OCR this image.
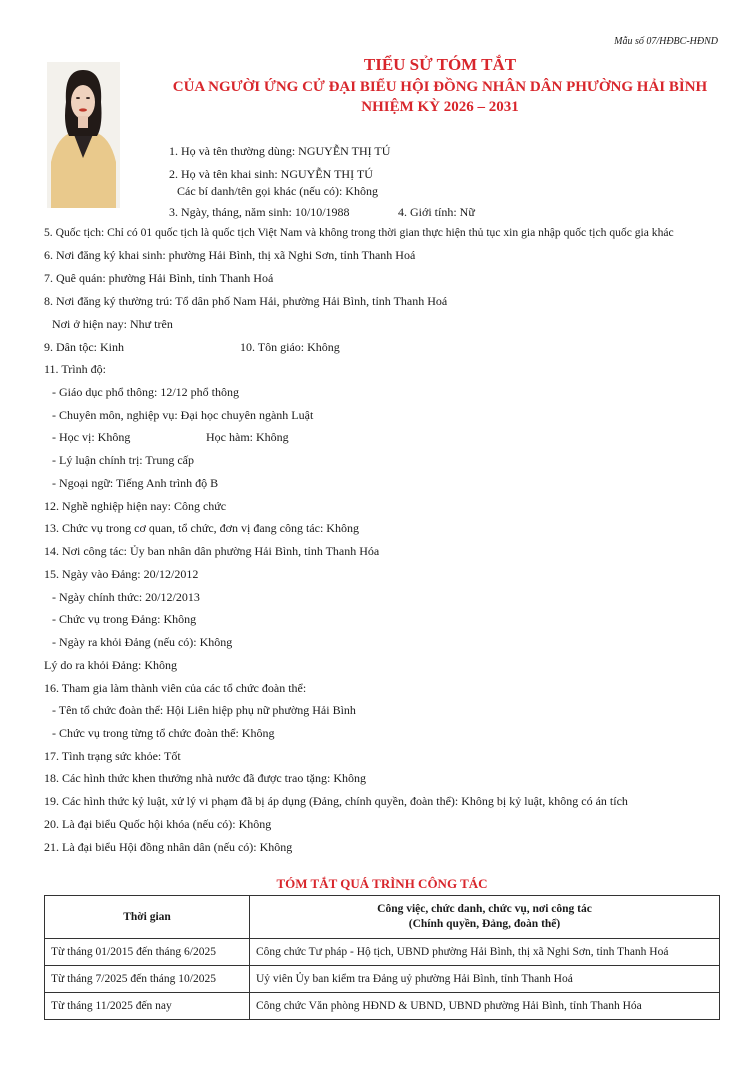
Mẫu số 07/HĐBC-HĐND
TIỂU SỬ TÓM TẮT
CỦA NGƯỜI ỨNG CỬ ĐẠI BIỂU HỘI ĐỒNG NHÂN DÂN PHƯỜNG HẢI BÌNH
NHIỆM KỲ 2026 – 2031
1. Họ và tên thường dùng: NGUYỄN THỊ TÚ
2. Họ và tên khai sinh: NGUYỄN THỊ TÚ
Các bí danh/tên gọi khác (nếu có): Không
3. Ngày, tháng, năm sinh: 10/10/1988	4. Giới tính: Nữ
5. Quốc tịch: Chỉ có 01 quốc tịch là quốc tịch Việt Nam và không trong thời gian thực hiện thủ tục xin gia nhập quốc tịch quốc gia khác
6. Nơi đăng ký khai sinh: phường Hải Bình, thị xã Nghi Sơn, tỉnh Thanh Hoá
7. Quê quán: phường Hải Bình, tỉnh Thanh Hoá
8. Nơi đăng ký thường trú: Tổ dân phố Nam Hải, phường Hải Bình, tỉnh Thanh Hoá
Nơi ở hiện nay: Như trên
9. Dân tộc: Kinh	10. Tôn giáo: Không
11. Trình độ:
- Giáo dục phổ thông: 12/12 phổ thông
- Chuyên môn, nghiệp vụ: Đại học chuyên ngành Luật
- Học vị: Không	Học hàm: Không
- Lý luận chính trị: Trung cấp
- Ngoại ngữ: Tiếng Anh trình độ B
12. Nghề nghiệp hiện nay: Công chức
13. Chức vụ trong cơ quan, tổ chức, đơn vị đang công tác: Không
14. Nơi công tác: Ủy ban nhân dân phường Hải Bình, tỉnh Thanh Hóa
15. Ngày vào Đảng: 20/12/2012
- Ngày chính thức: 20/12/2013
- Chức vụ trong Đảng: Không
- Ngày ra khỏi Đảng (nếu có): Không
Lý do ra khỏi Đảng: Không
16. Tham gia làm thành viên của các tổ chức đoàn thể:
- Tên tổ chức đoàn thể: Hội Liên hiệp phụ nữ phường Hải Bình
- Chức vụ trong từng tổ chức đoàn thể: Không
17. Tình trạng sức khỏe: Tốt
18. Các hình thức khen thưởng nhà nước đã được trao tặng: Không
19. Các hình thức kỷ luật, xử lý vi phạm đã bị áp dụng (Đảng, chính quyền, đoàn thể): Không bị kỷ luật, không có án tích
20. Là đại biểu Quốc hội khóa (nếu có): Không
21. Là đại biểu Hội đồng nhân dân (nếu có): Không
TÓM TẮT QUÁ TRÌNH CÔNG TÁC
Thời gian	Công việc, chức danh, chức vụ, nơi công tác
(Chính quyền, Đảng, đoàn thể)
Từ tháng 01/2015 đến tháng 6/2025	Công chức Tư pháp - Hộ tịch, UBND phường Hải Bình, thị xã Nghi Sơn, tỉnh Thanh Hoá
Từ tháng 7/2025 đến tháng 10/2025	Uỷ viên Ủy ban kiểm tra Đảng uỷ phường Hải Bình, tỉnh Thanh Hoá
Từ tháng 11/2025 đến nay	Công chức Văn phòng HĐND & UBND, UBND phường Hải Bình, tỉnh Thanh Hóa
